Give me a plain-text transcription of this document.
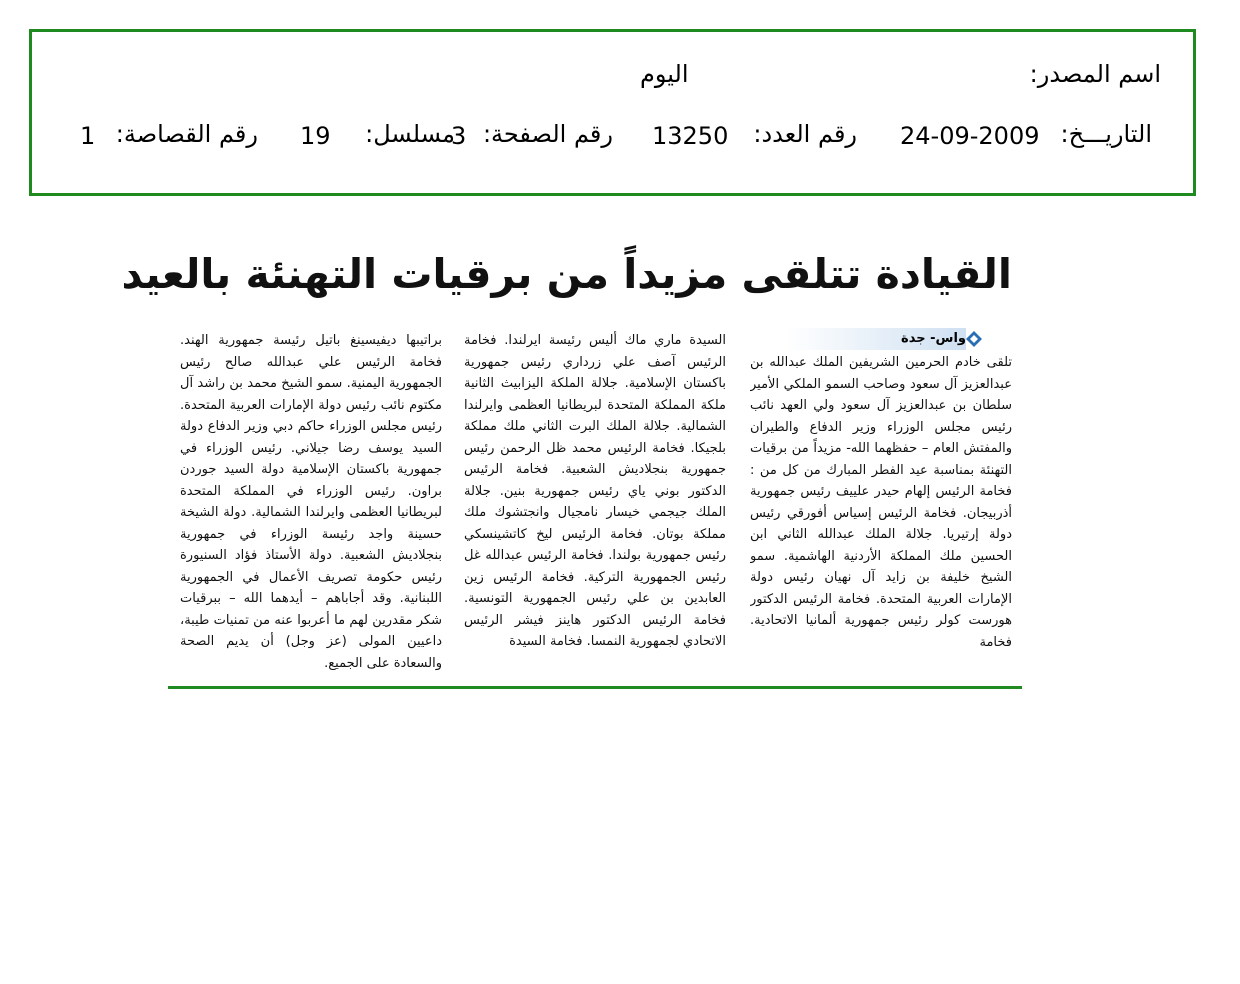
اسم المصدر:
اليوم
التاريـــخ:
24-09-2009
رقم العدد:
13250
رقم الصفحة:
3
مسلسل:
19
رقم القصاصة:
1
القيادة تتلقى مزيداً من برقيات التهنئة بالعيد
واس- جدة
تلقى خادم الحرمين الشريفين الملك عبدالله بن عبدالعزيز آل سعود وصاحب السمو الملكي الأمير سلطان بن عبدالعزيز آل سعود ولي العهد نائب رئيس مجلس الوزراء وزير الدفاع والطيران والمفتش العام – حفظهما الله- مزيداً من برقيات التهنئة بمناسبة عيد الفطر المبارك من كل من : فخامة الرئيس إلهام حيدر علييف رئيس جمهورية أذربيجان. فخامة الرئيس إسياس أفورقي رئيس دولة إرتيريا. جلالة الملك عبدالله الثاني ابن الحسين ملك المملكة الأردنية الهاشمية. سمو الشيخ خليفة بن زايد آل نهيان رئيس دولة الإمارات العربية المتحدة. فخامة الرئيس الدكتور هورست كولر رئيس جمهورية ألمانيا الاتحادية. فخامة
السيدة ماري ماك أليس رئيسة ايرلندا. فخامة الرئيس آصف علي زرداري رئيس جمهورية باكستان الإسلامية. جلالة الملكة اليزابيث الثانية ملكة المملكة المتحدة لبريطانيا العظمى وايرلندا الشمالية. جلالة الملك البرت الثاني ملك مملكة بلجيكا. فخامة الرئيس محمد ظل الرحمن رئيس جمهورية بنجلاديش الشعبية. فخامة الرئيس الدكتور بوني ياي رئيس جمهورية بنين. جلالة الملك جيجمي خيسار نامجيال وانجتشوك ملك مملكة بوتان. فخامة الرئيس ليخ كاتشينسكي رئيس جمهورية بولندا. فخامة الرئيس عبدالله غل رئيس الجمهورية التركية. فخامة الرئيس زين العابدين بن علي رئيس الجمهورية التونسية. فخامة الرئيس الدكتور هاينز فيشر الرئيس الاتحادي لجمهورية النمسا. فخامة السيدة
براتيبها ديفيسينغ باتيل رئيسة جمهورية الهند. فخامة الرئيس علي عبدالله صالح رئيس الجمهورية اليمنية. سمو الشيخ محمد بن راشد آل مكتوم نائب رئيس دولة الإمارات العربية المتحدة. رئيس مجلس الوزراء حاكم دبي وزير الدفاع دولة السيد يوسف رضا جيلاني. رئيس الوزراء في جمهورية باكستان الإسلامية دولة السيد جوردن براون. رئيس الوزراء في المملكة المتحدة لبريطانيا العظمى وايرلندا الشمالية. دولة الشيخة حسينة واجد رئيسة الوزراء في جمهورية بنجلاديش الشعبية. دولة الأستاذ فؤاد السنيورة رئيس حكومة تصريف الأعمال في الجمهورية اللبنانية. وقد أجاباهم – أيدهما الله – ببرقيات شكر مقدرين لهم ما أعربوا عنه من تمنيات طيبة، داعيين المولى (عز وجل) أن يديم الصحة والسعادة على الجميع.
